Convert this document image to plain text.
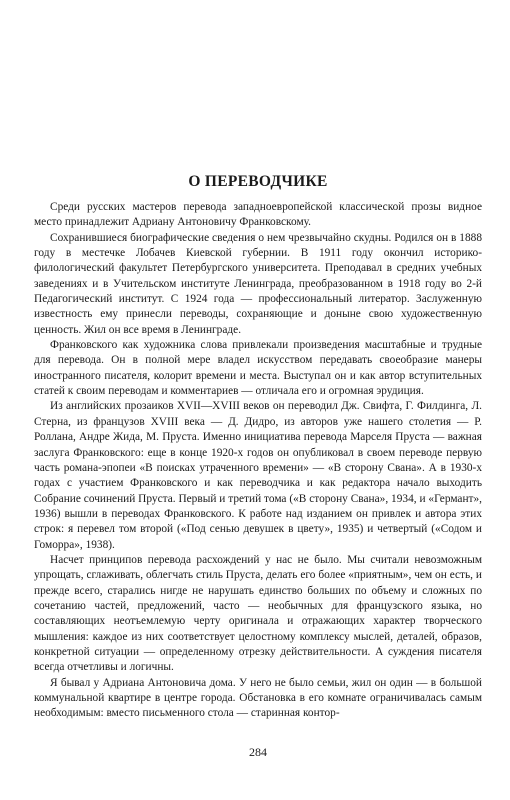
О ПЕРЕВОДЧИКЕ

Среди русских мастеров перевода западноевропейской классической прозы видное место принадлежит Адриану Антоновичу Франковскому.

Сохранившиеся биографические сведения о нем чрезвычайно скудны. Родился он в 1888 году в местечке Лобачев Киевской губернии. В 1911 году окончил историко-филологический факультет Петербургского университета. Преподавал в средних учебных заведениях и в Учительском институте Ленинграда, преобразованном в 1918 году во 2-й Педагогический институт. С 1924 года — профессиональный литератор. Заслуженную известность ему принесли переводы, сохраняющие и доныне свою художественную ценность. Жил он все время в Ленинграде.

Франковского как художника слова привлекали произведения масштабные и трудные для перевода. Он в полной мере владел искусством передавать своеобразие манеры иностранного писателя, колорит времени и места. Выступал он и как автор вступительных статей к своим переводам и комментариев — отличала его и огромная эрудиция.

Из английских прозаиков XVII—XVIII веков он переводил Дж. Свифта, Г. Филдинга, Л. Стерна, из французов XVIII века — Д. Дидро, из авторов уже нашего столетия — Р. Роллана, Андре Жида, М. Пруста. Именно инициатива перевода Марселя Пруста — важная заслуга Франковского: еще в конце 1920-х годов он опубликовал в своем переводе первую часть романа-эпопеи «В поисках утраченного времени» — «В сторону Свана». А в 1930-х годах с участием Франковского и как переводчика и как редактора начало выходить Собрание сочинений Пруста. Первый и третий тома («В сторону Свана», 1934, и «Германт», 1936) вышли в переводах Франковского. К работе над изданием он привлек и автора этих строк: я перевел том второй («Под сенью девушек в цвету», 1935) и четвертый («Содом и Гоморра», 1938).

Насчет принципов перевода расхождений у нас не было. Мы считали невозможным упрощать, сглаживать, облегчать стиль Пруста, делать его более «приятным», чем он есть, и прежде всего, старались нигде не нарушать единство больших по объему и сложных по сочетанию частей, предложений, часто — необычных для французского языка, но составляющих неотъемлемую черту оригинала и отражающих характер творческого мышления: каждое из них соответствует целостному комплексу мыслей, деталей, образов, конкретной ситуации — определенному отрезку действительности. А суждения писателя всегда отчетливы и логичны.

Я бывал у Адриана Антоновича дома. У него не было семьи, жил он один — в большой коммунальной квартире в центре города. Обстановка в его комнате ограничивалась самым необходимым: вместо письменного стола — старинная контор-

284
